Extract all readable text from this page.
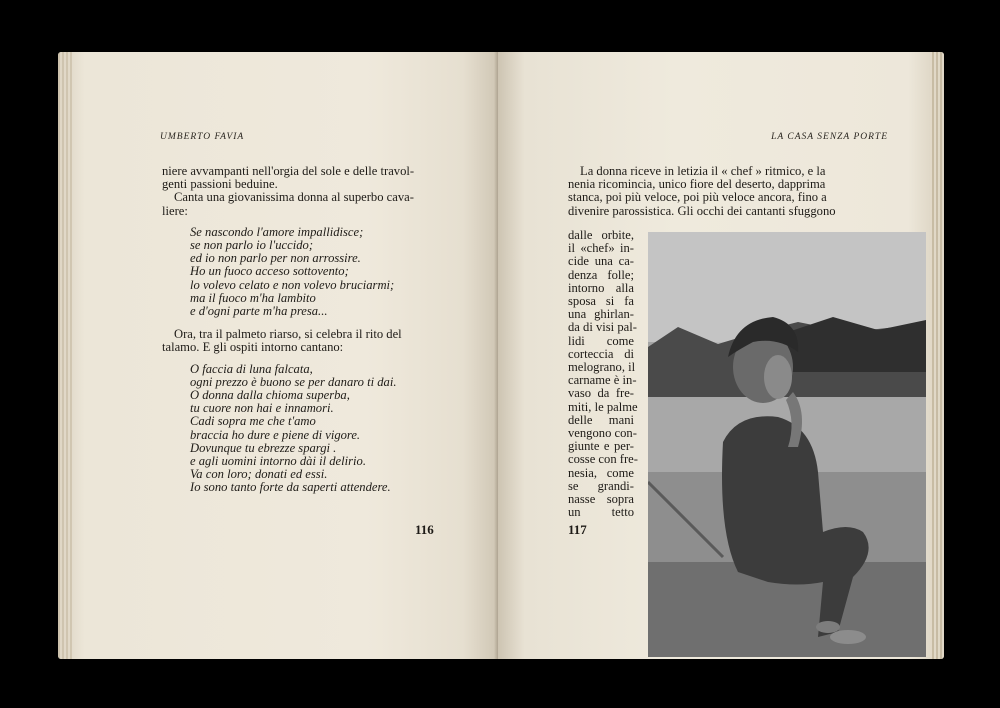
UMBERTO FAVIA

niere avvampanti nell'orgia del sole e delle travol-

genti passioni beduine.

Canta una giovanissima donna al superbo cava-

liere:

Se nascondo l'amore impallidisce;
se non parlo io l'uccido;
ed io non parlo per non arrossire.
Ho un fuoco acceso sottovento;
lo volevo celato e non volevo bruciarmi;
ma il fuoco m'ha lambito
e d'ogni parte m'ha presa...

Ora, tra il palmeto riarso, si celebra il rito del

talamo. E gli ospiti intorno cantano:

O faccia di luna falcata,
ogni prezzo è buono se per danaro ti dai.
O donna dalla chioma superba,
tu cuore non hai e innamori.
Cadi sopra me che t'amo
braccia ho dure e piene di vigore.
Dovunque tu ebrezze spargi .
e agli uomini intorno dài il delirio.
Va con loro; donati ed essi.
Io sono tanto forte da saperti attendere.
116
LA CASA SENZA PORTE

La donna riceve in letizia il « chef » ritmico, e la

nenia ricomincia, unico fiore del deserto, dapprima

stanca, poi più veloce, poi più veloce ancora, fino a

divenire parossistica. Gli occhi dei cantanti sfuggono

dalle orbite,
il «chef» in-
cide una ca-
denza folle;
intorno alla
sposa si fa
una ghirlan-
da di visi pal-
lidi come
corteccia di
melograno, il
carname è in-
vaso da fre-
miti, le palme
delle mani
vengono con-
giunte e per-
cosse con fre-
nesia, come
se grandi-
nasse sopra
un tetto
117
